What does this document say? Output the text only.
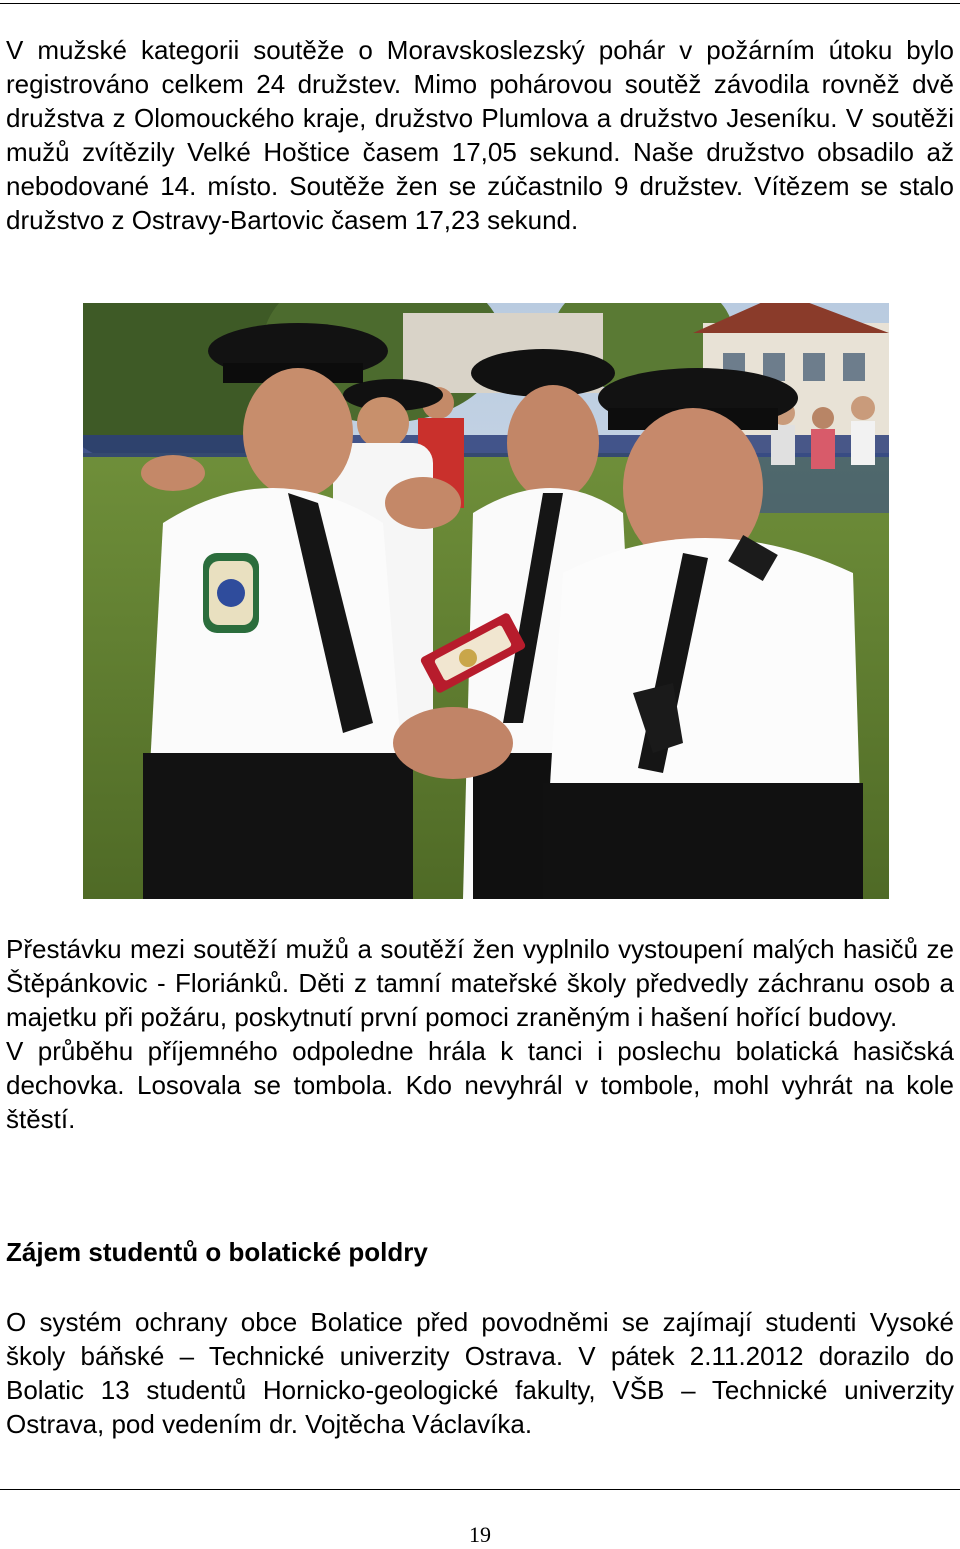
V mužské kategorii soutěže o Moravskoslezský pohár v požárním útoku bylo registrováno celkem 24 družstev. Mimo pohárovou soutěž závodila rovněž dvě družstva z Olomouckého kraje, družstvo Plumlova a družstvo Jeseníku. V soutěži mužů zvítězily Velké Hoštice časem 17,05 sekund. Naše družstvo obsadilo až nebodované 14. místo. Soutěže žen se zúčastnilo 9 družstev. Vítězem se stalo družstvo z Ostravy-Bartovic časem 17,23 sekund.

Přestávku mezi soutěží mužů a soutěží žen vyplnilo vystoupení malých hasičů ze Štěpánkovic - Floriánků. Děti z tamní mateřské školy předvedly záchranu osob a majetku při požáru, poskytnutí první pomoci zraněným i hašení hořící budovy.

V průběhu příjemného odpoledne hrála k tanci i poslechu bolatická hasičská dechovka. Losovala se tombola. Kdo nevyhrál v tombole, mohl vyhrát na kole štěstí.

Zájem studentů o bolatické poldry

O systém ochrany obce Bolatice před povodněmi se zajímají studenti Vysoké školy báňské – Technické univerzity Ostrava. V pátek 2.11.2012 dorazilo do Bolatic 13 studentů Hornicko-geologické fakulty, VŠB – Technické univerzity Ostrava, pod vedením dr. Vojtěcha Václavíka.

19
